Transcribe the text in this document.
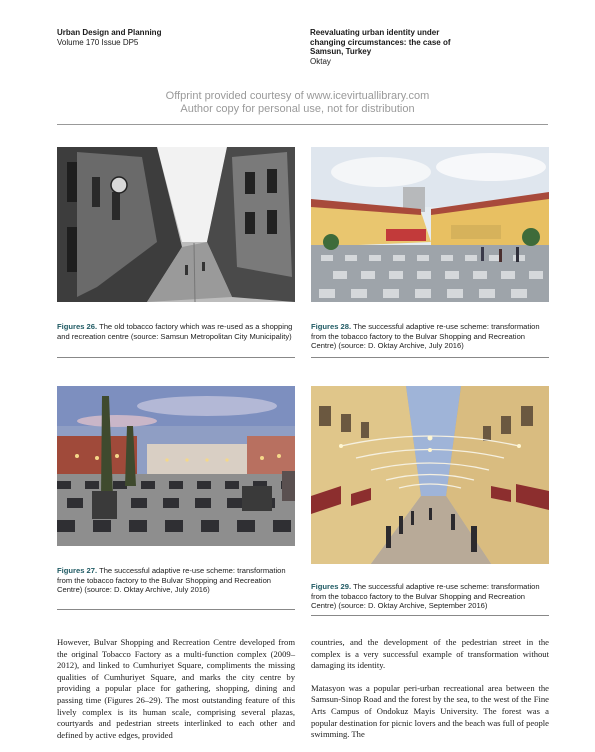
Urban Design and Planning
Volume 170 Issue DP5
Reevaluating urban identity under
changing circumstances: the case of
Samsun, Turkey
Oktay
Offprint provided courtesy of www.icevirtuallibrary.com
Author copy for personal use, not for distribution
Figures 26. The old tobacco factory which was re-used as a shopping and recreation centre (source: Samsun Metropolitan City Municipality)
Figures 28. The successful adaptive re-use scheme: transformation from the tobacco factory to the Bulvar Shopping and Recreation Centre) (source: D. Oktay Archive, July 2016)
Figures 27. The successful adaptive re-use scheme: transformation from the tobacco factory to the Bulvar Shopping and Recreation Centre) (source: D. Oktay Archive, July 2016)	Figures 29. The successful adaptive re-use scheme: transformation from the tobacco factory to the Bulvar Shopping and Recreation Centre) (source: D. Oktay Archive, September 2016)

However, Bulvar Shopping and Recreation Centre developed from the original Tobacco Factory as a multi-function complex (2009–2012), and linked to Cumhuriyet Square, compliments the missing qualities of Cumhuriyet Square, and marks the city centre by providing a popular place for gathering, shopping, dining and passing time (Figures 26–29). The most outstanding feature of this lively complex is its human scale, comprising several plazas, courtyards and pedestrian streets interlinked to each other and defined by active edges, provided

countries, and the development of the pedestrian street in the complex is a very successful example of transformation without damaging its identity.

Matasyon was a popular peri-urban recreational area between the Samsun-Sinop Road and the forest by the sea, to the west of the Fine Arts Campus of Ondokuz Mayis University. The forest was a popular destination for picnic lovers and the beach was full of people swimming. The
